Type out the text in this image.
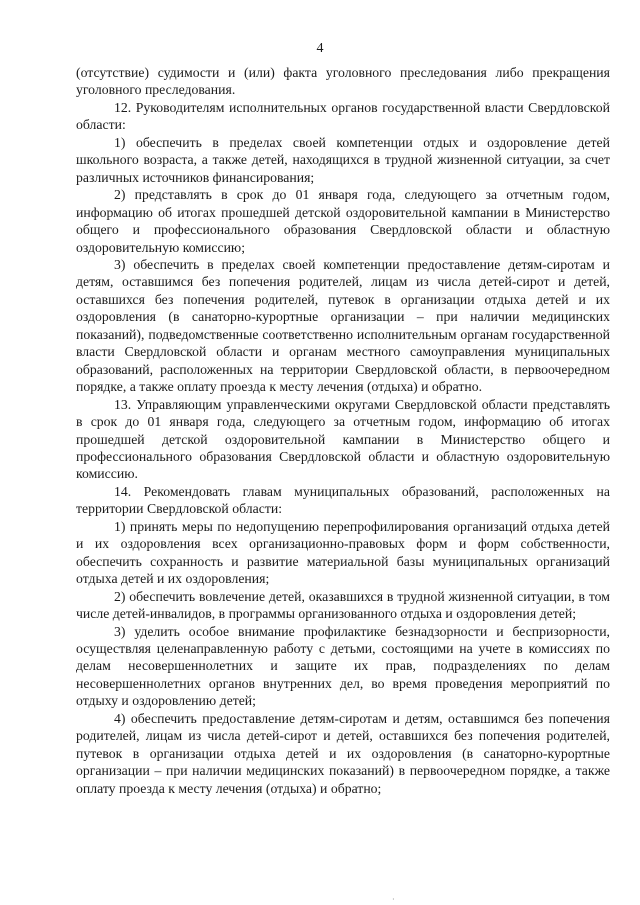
4

(отсутствие) судимости и (или) факта уголовного преследования либо прекращения уголовного преследования.

12. Руководителям исполнительных органов государственной власти Свердловской области:

1) обеспечить в пределах своей компетенции отдых и оздоровление детей школьного возраста, а также детей, находящихся в трудной жизненной ситуации, за счет различных источников финансирования;

2) представлять в срок до 01 января года, следующего за отчетным годом, информацию об итогах прошедшей детской оздоровительной кампании в Министерство общего и профессионального образования Свердловской области и областную оздоровительную комиссию;

3) обеспечить в пределах своей компетенции предоставление детям-сиротам и детям, оставшимся без попечения родителей, лицам из числа детей-сирот и детей, оставшихся без попечения родителей, путевок в организации отдыха детей и их оздоровления (в санаторно-курортные организации – при наличии медицинских показаний), подведомственные соответственно исполнительным органам государственной власти Свердловской области и органам местного самоуправления муниципальных образований, расположенных на территории Свердловской области, в первоочередном порядке, а также оплату проезда к месту лечения (отдыха) и обратно.

13. Управляющим управленческими округами Свердловской области представлять в срок до 01 января года, следующего за отчетным годом, информацию об итогах прошедшей детской оздоровительной кампании в Министерство общего и профессионального образования Свердловской области и областную оздоровительную комиссию.

14. Рекомендовать главам муниципальных образований, расположенных на территории Свердловской области:

1) принять меры по недопущению перепрофилирования организаций отдыха детей и их оздоровления всех организационно-правовых форм и форм собственности, обеспечить сохранность и развитие материальной базы муниципальных организаций отдыха детей и их оздоровления;

2) обеспечить вовлечение детей, оказавшихся в трудной жизненной ситуации, в том числе детей-инвалидов, в программы организованного отдыха и оздоровления детей;

3) уделить особое внимание профилактике безнадзорности и беспризорности, осуществляя целенаправленную работу с детьми, состоящими на учете в комиссиях по делам несовершеннолетних и защите их прав, подразделениях по делам несовершеннолетних органов внутренних дел, во время проведения мероприятий по отдыху и оздоровлению детей;

4) обеспечить предоставление детям-сиротам и детям, оставшимся без попечения родителей, лицам из числа детей-сирот и детей, оставшихся без попечения родителей, путевок в организации отдыха детей и их оздоровления (в санаторно-курортные организации – при наличии медицинских показаний) в первоочередном порядке, а также оплату проезда к месту лечения (отдыха) и обратно;

·
